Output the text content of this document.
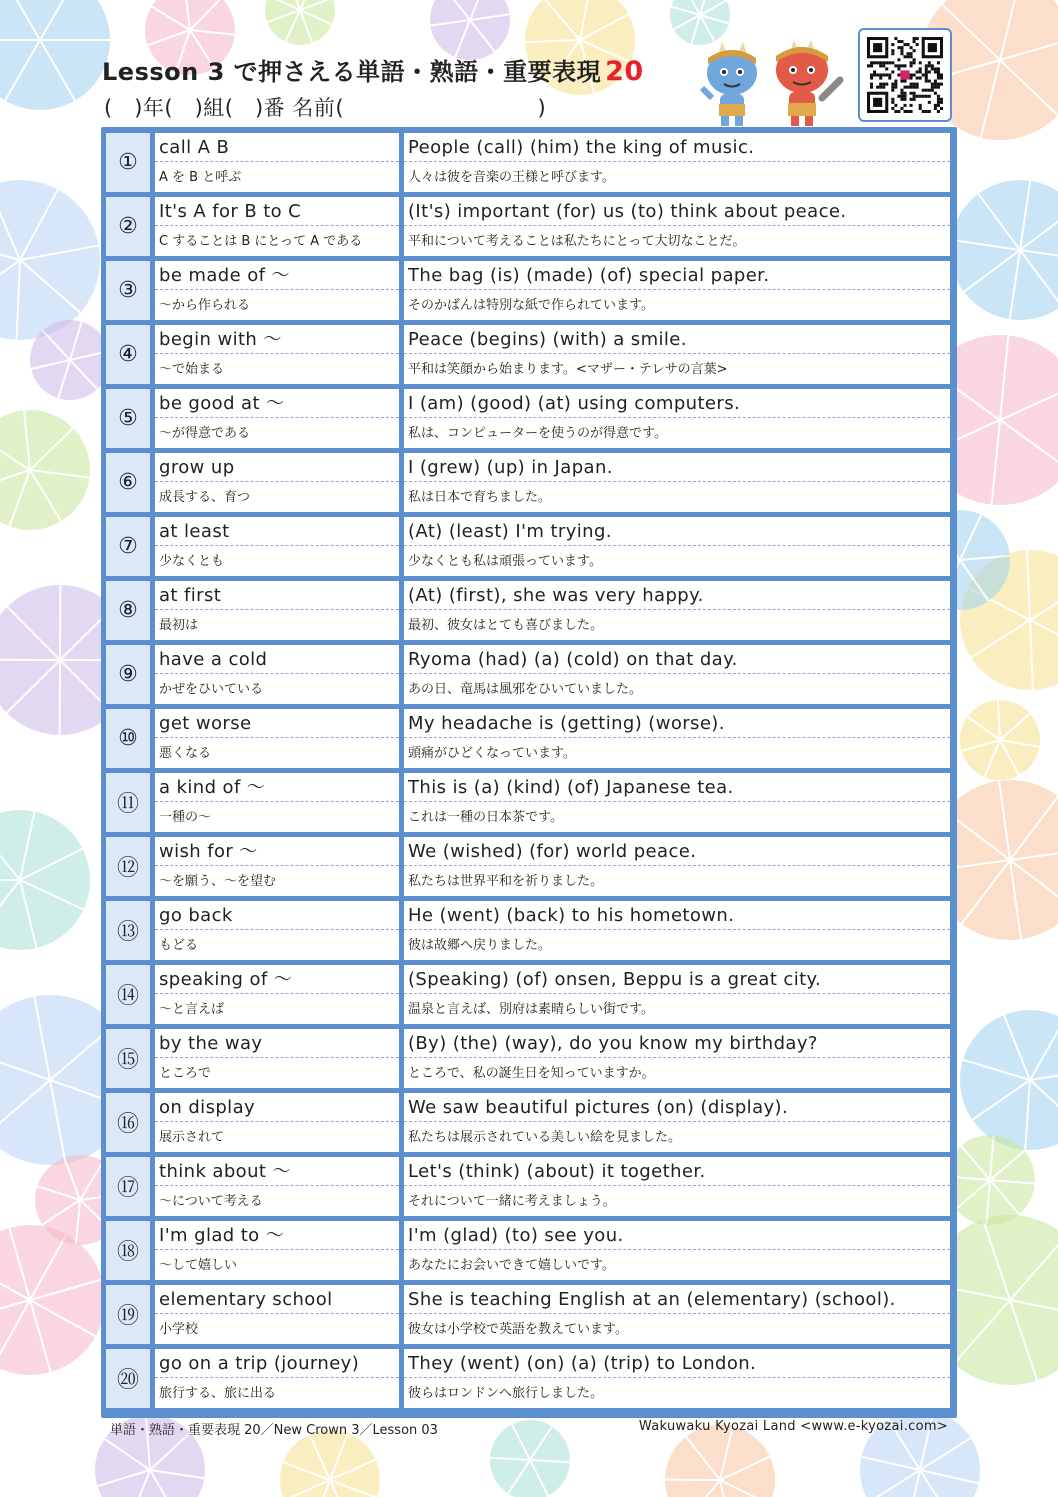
Lesson 3 で押さえる単語・熟語・重要表現 20
(　)年(　)組(　)番 名前(　　　　　　　　　)
①
call A B
A を B と呼ぶ
People (call) (him) the king of music.
人々は彼を音楽の王様と呼びます。
②
It's A for B to C
C することは B にとって A である
(It's) important (for) us (to) think about peace.
平和について考えることは私たちにとって大切なことだ。
③
be made of ～
～から作られる
The bag (is) (made) (of) special paper.
そのかばんは特別な紙で作られています。
④
begin with ～
～で始まる
Peace (begins) (with) a smile.
平和は笑顔から始まります。<マザー・テレサの言葉>
⑤
be good at ～
～が得意である
I (am) (good) (at) using computers.
私は、コンピューターを使うのが得意です。
⑥
grow up
成長する、育つ
I (grew) (up) in Japan.
私は日本で育ちました。
⑦
at least
少なくとも
(At) (least) I'm trying.
少なくとも私は頑張っています。
⑧
at first
最初は
(At) (first), she was very happy.
最初、彼女はとても喜びました。
⑨
have a cold
かぜをひいている
Ryoma (had) (a) (cold) on that day.
あの日、竜馬は風邪をひいていました。
⑩
get worse
悪くなる
My headache is (getting) (worse).
頭痛がひどくなっています。
⑪
a kind of ～
一種の～
This is (a) (kind) (of) Japanese tea.
これは一種の日本茶です。
⑫
wish for ～
～を願う、～を望む
We (wished) (for) world peace.
私たちは世界平和を祈りました。
⑬
go back
もどる
He (went) (back) to his hometown.
彼は故郷へ戻りました。
⑭
speaking of ～
～と言えば
(Speaking) (of) onsen, Beppu is a great city.
温泉と言えば、別府は素晴らしい街です。
⑮
by the way
ところで
(By) (the) (way), do you know my birthday?
ところで、私の誕生日を知っていますか。
⑯
on display
展示されて
We saw beautiful pictures (on) (display).
私たちは展示されている美しい絵を見ました。
⑰
think about ～
～について考える
Let's (think) (about) it together.
それについて一緒に考えましょう。
⑱
I'm glad to ～
～して嬉しい
I'm (glad) (to) see you.
あなたにお会いできて嬉しいです。
⑲
elementary school
小学校
She is teaching English at an (elementary) (school).
彼女は小学校で英語を教えています。
⑳
go on a trip (journey)
旅行する、旅に出る
They (went) (on) (a) (trip) to London.
彼らはロンドンへ旅行しました。
単語・熟語・重要表現 20／New Crown 3／Lesson 03	Wakuwaku Kyozai Land <www.e-kyozai.com>
